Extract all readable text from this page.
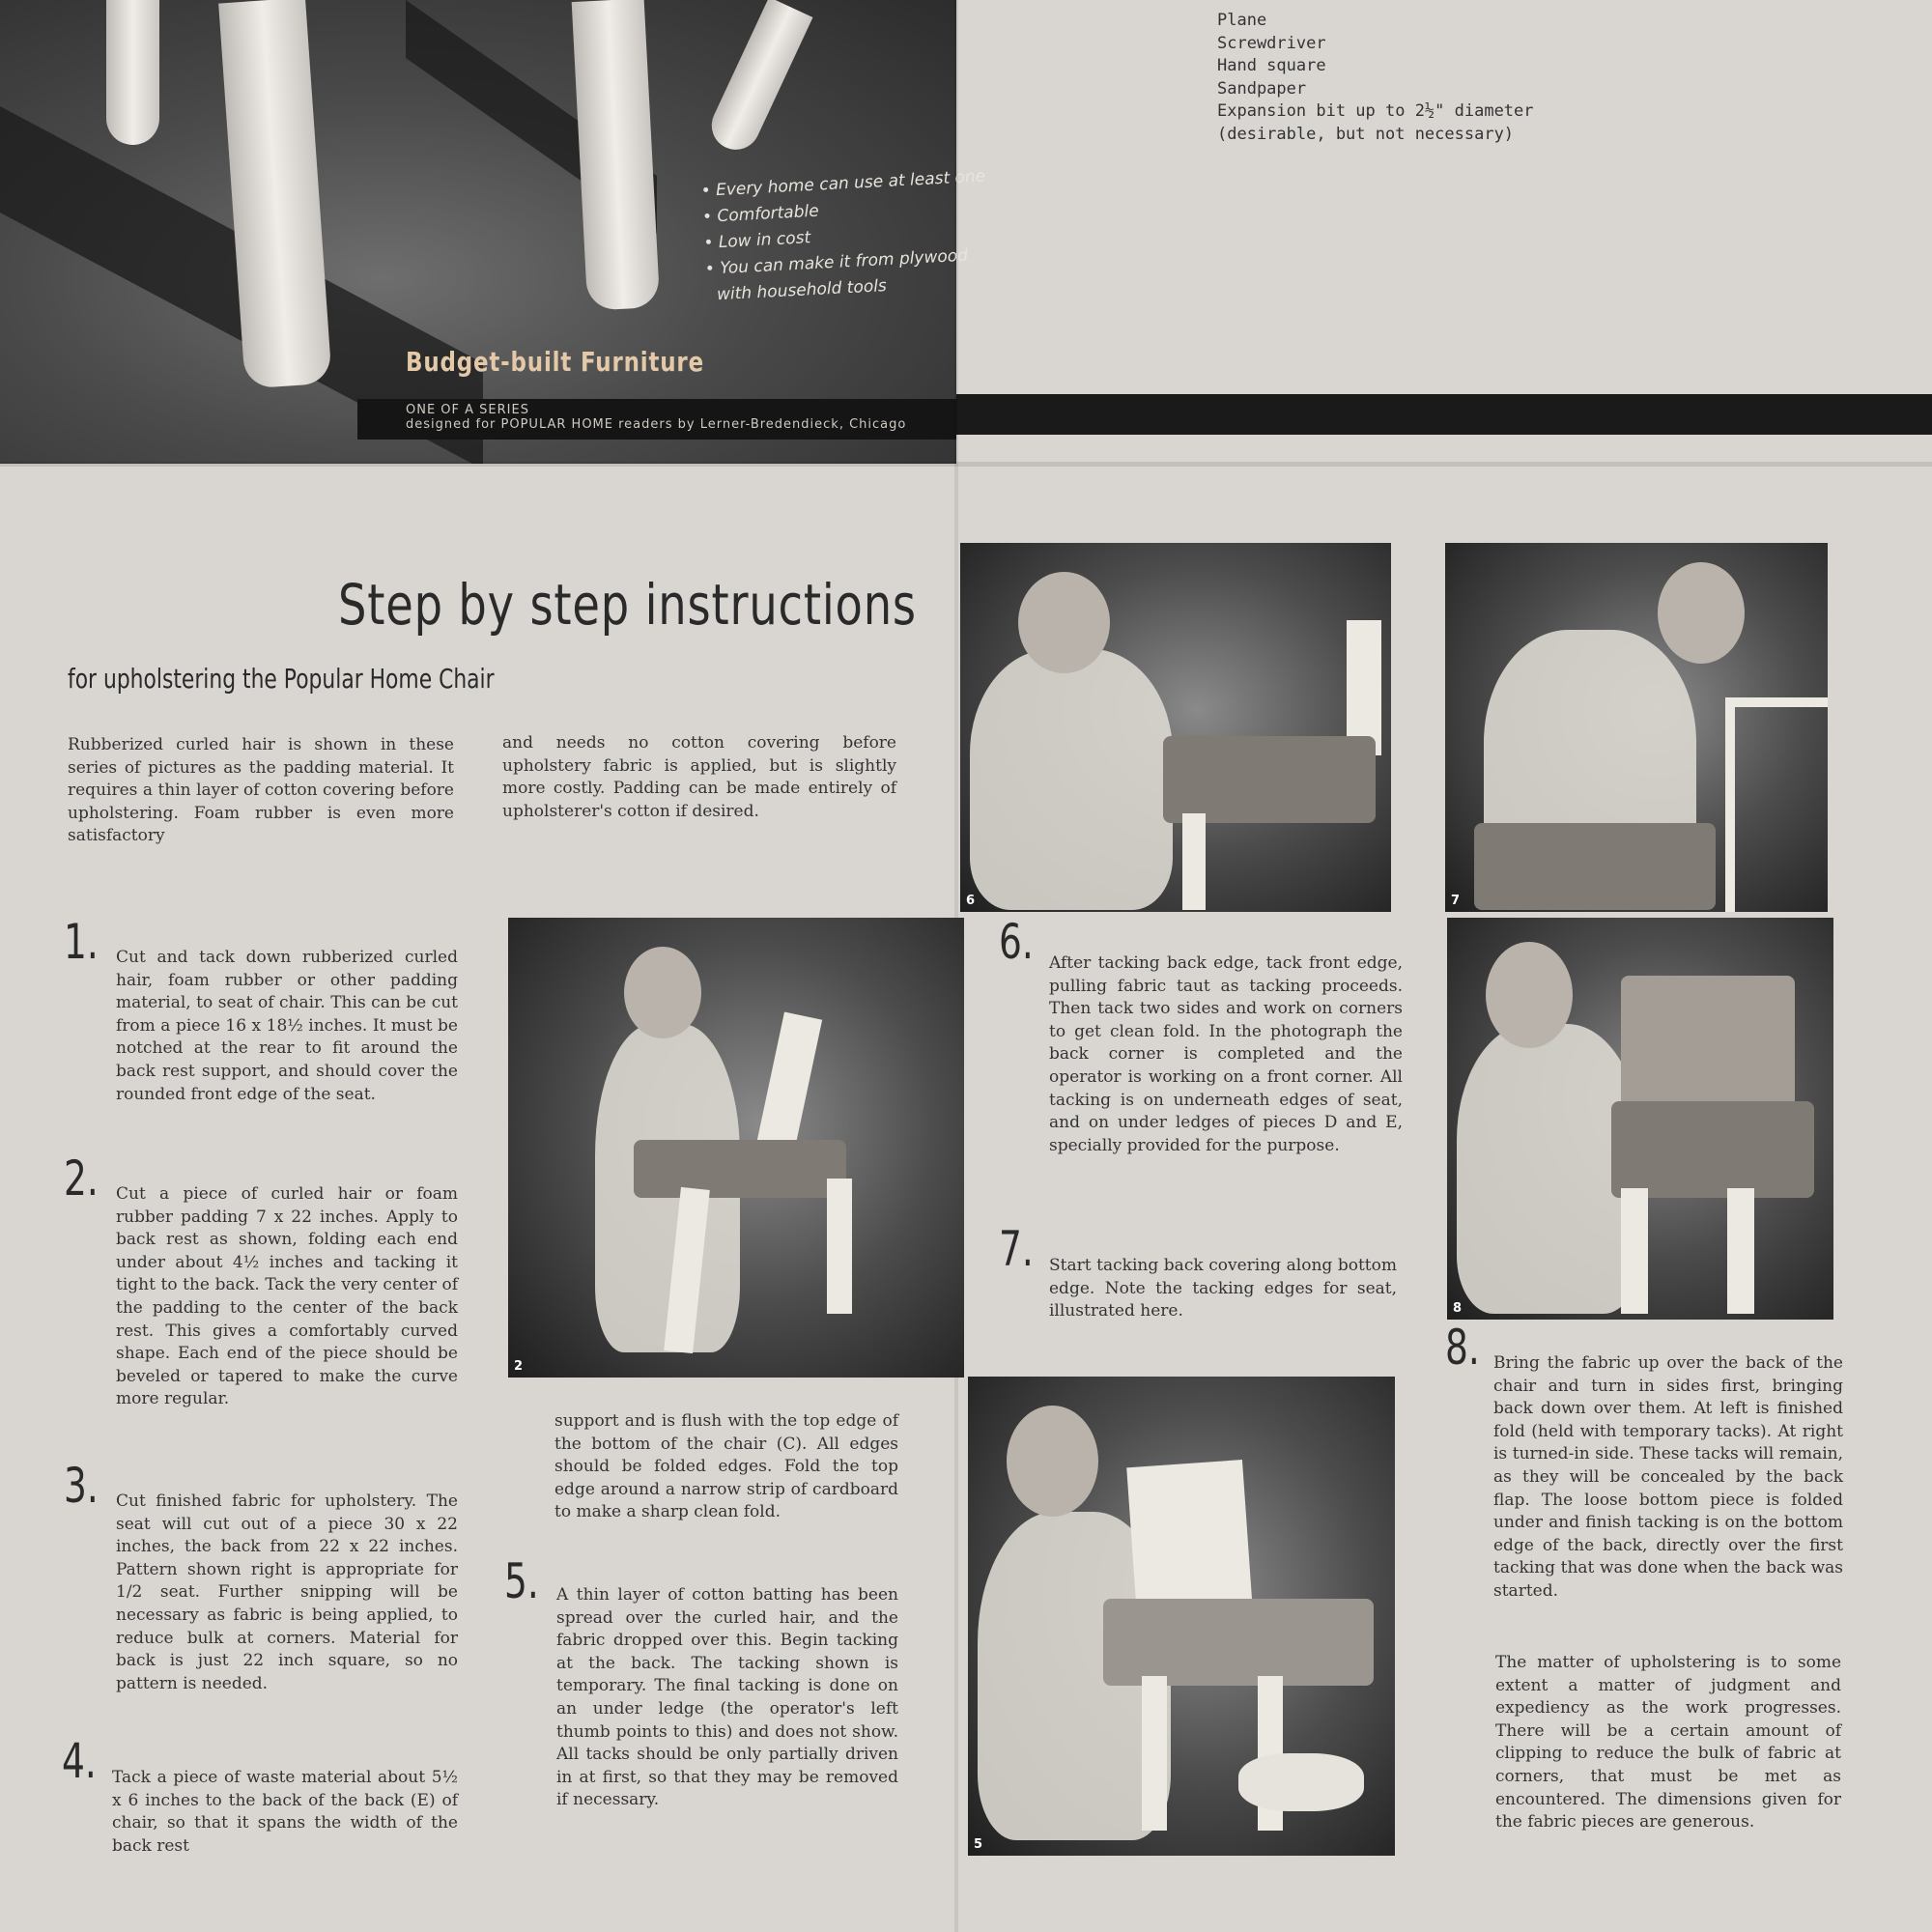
• Every home can use at least one
• Comfortable
• Low in cost
• You can make it from plywood
with household tools
Budget-built Furniture
ONE OF A SERIES
designed for POPULAR HOME readers by Lerner-Bredendieck, Chicago
Plane
Screwdriver
Hand square
Sandpaper
Expansion bit up to 2½" diameter
(desirable, but not necessary)
Step by step instructions
for upholstering the Popular Home Chair
Rubberized curled hair is shown in these series of pictures as the padding material. It requires a thin layer of cotton covering before upholstering. Foam rubber is even more satisfactory
and needs no cotton covering before upholstery fabric is applied, but is slightly more costly. Padding can be made entirely of upholsterer's cotton if desired.
1. Cut and tack down rubberized curled hair, foam rubber or other padding material, to seat of chair. This can be cut from a piece 16 x 18½ inches. It must be notched at the rear to fit around the back rest support, and should cover the rounded front edge of the seat.
2. Cut a piece of curled hair or foam rubber padding 7 x 22 inches. Apply to back rest as shown, folding each end under about 4½ inches and tacking it tight to the back. Tack the very center of the padding to the center of the back rest. This gives a comfortably curved shape. Each end of the piece should be beveled or tapered to make the curve more regular.
3. Cut finished fabric for upholstery. The seat will cut out of a piece 30 x 22 inches, the back from 22 x 22 inches. Pattern shown right is appropriate for 1/2 seat. Further snipping will be necessary as fabric is being applied, to reduce bulk at corners. Material for back is just 22 inch square, so no pattern is needed.
4. Tack a piece of waste material about 5½ x 6 inches to the back of the back (E) of chair, so that it spans the width of the back rest
2
support and is flush with the top edge of the bottom of the chair (C). All edges should be folded edges. Fold the top edge around a narrow strip of cardboard to make a sharp clean fold.
5. A thin layer of cotton batting has been spread over the curled hair, and the fabric dropped over this. Begin tacking at the back. The tacking shown is temporary. The final tacking is done on an under ledge (the operator's left thumb points to this) and does not show. All tacks should be only partially driven in at first, so that they may be removed if necessary.
6	7
8
6. After tacking back edge, tack front edge, pulling fabric taut as tacking proceeds. Then tack two sides and work on corners to get clean fold. In the photograph the back corner is completed and the operator is working on a front corner. All tacking is on underneath edges of seat, and on under ledges of pieces D and E, specially provided for the purpose.
7. Start tacking back covering along bottom edge. Note the tacking edges for seat, illustrated here.
5
8. Bring the fabric up over the back of the chair and turn in sides first, bringing back down over them. At left is finished fold (held with temporary tacks). At right is turned-in side. These tacks will remain, as they will be concealed by the back flap. The loose bottom piece is folded under and finish tacking is on the bottom edge of the back, directly over the first tacking that was done when the back was started.
The matter of upholstering is to some extent a matter of judgment and expediency as the work progresses. There will be a certain amount of clipping to reduce the bulk of fabric at corners, that must be met as encountered. The dimensions given for the fabric pieces are generous.
